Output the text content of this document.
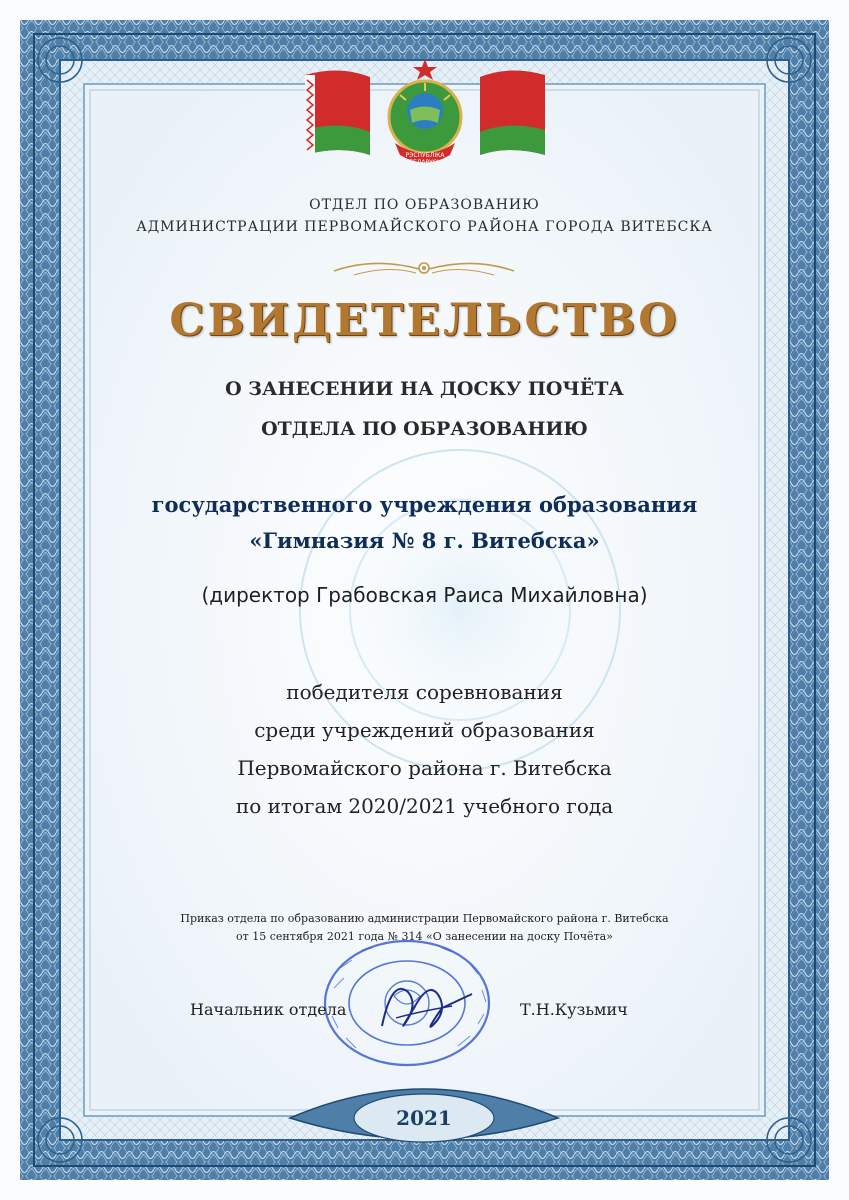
РЭСПУБЛІКА
БЕЛАРУСЬ
ОТДЕЛ ПО ОБРАЗОВАНИЮ
АДМИНИСТРАЦИИ ПЕРВОМАЙСКОГО РАЙОНА ГОРОДА ВИТЕБСКА
СВИДЕТЕЛЬСТВО
О ЗАНЕСЕНИИ НА ДОСКУ ПОЧЁТА
ОТДЕЛА ПО ОБРАЗОВАНИЮ
государственного учреждения образования
«Гимназия № 8 г. Витебска»
(директор Грабовская Раиса Михайловна)
победителя соревнования
среди учреждений образования
Первомайского района г. Витебска
по итогам 2020/2021 учебного года
Приказ отдела по образованию администрации Первомайского района г. Витебска
от 15 сентября 2021 года № 314 «О занесении на доску Почёта»
Начальник отдела	Т.Н.Кузьмич
2021
